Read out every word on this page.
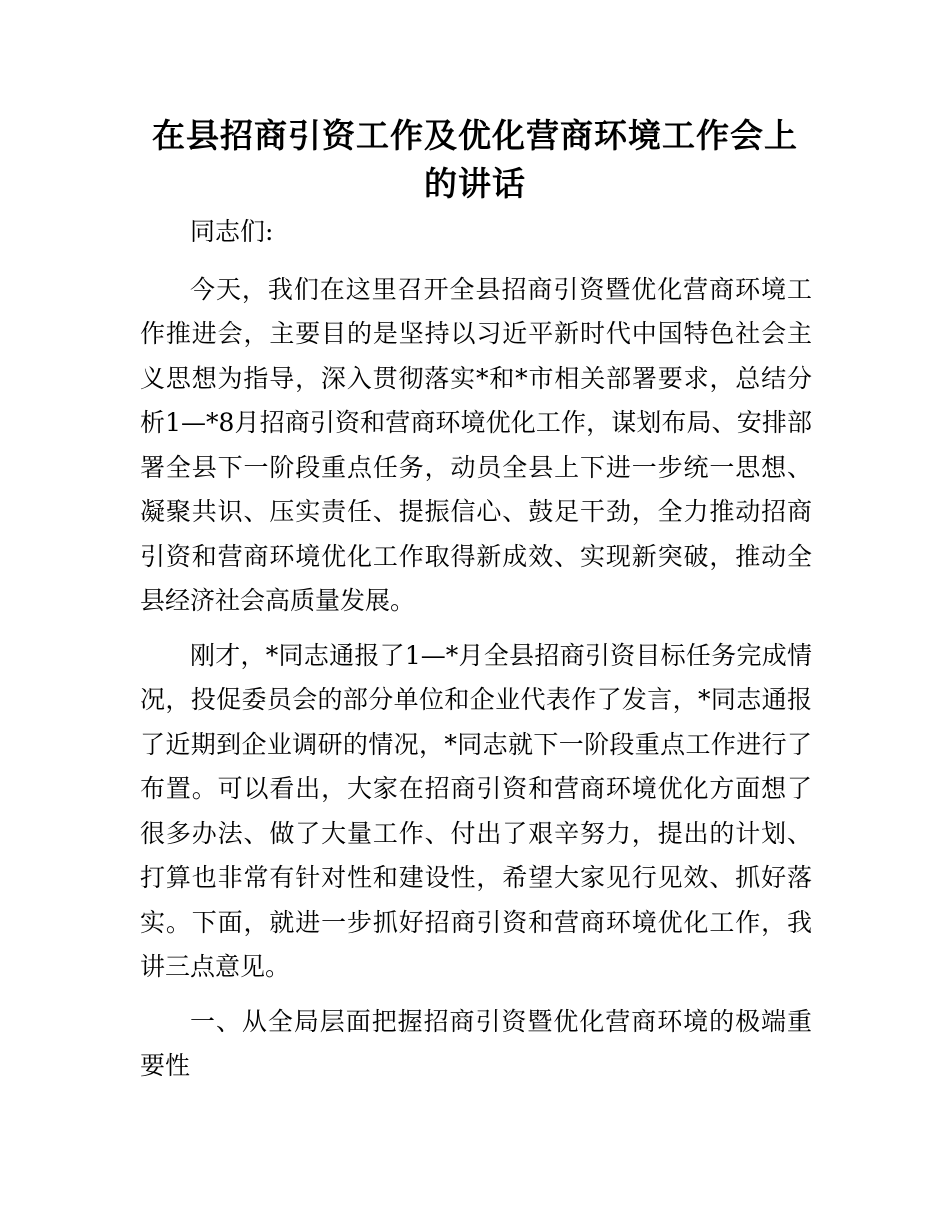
在县招商引资工作及优化营商环境工作会上的讲话

同志们:

今天，我们在这里召开全县招商引资暨优化营商环境工作推进会，主要目的是坚持以习近平新时代中国特色社会主义思想为指导，深入贯彻落实*和*市相关部署要求，总结分析1—*8月招商引资和营商环境优化工作，谋划布局、安排部署全县下一阶段重点任务，动员全县上下进一步统一思想、凝聚共识、压实责任、提振信心、鼓足干劲，全力推动招商引资和营商环境优化工作取得新成效、实现新突破，推动全县经济社会高质量发展。

刚才，*同志通报了1—*月全县招商引资目标任务完成情况，投促委员会的部分单位和企业代表作了发言，*同志通报了近期到企业调研的情况，*同志就下一阶段重点工作进行了布置。可以看出，大家在招商引资和营商环境优化方面想了很多办法、做了大量工作、付出了艰辛努力，提出的计划、打算也非常有针对性和建设性，希望大家见行见效、抓好落实。下面，就进一步抓好招商引资和营商环境优化工作，我讲三点意见。

一、从全局层面把握招商引资暨优化营商环境的极端重要性
